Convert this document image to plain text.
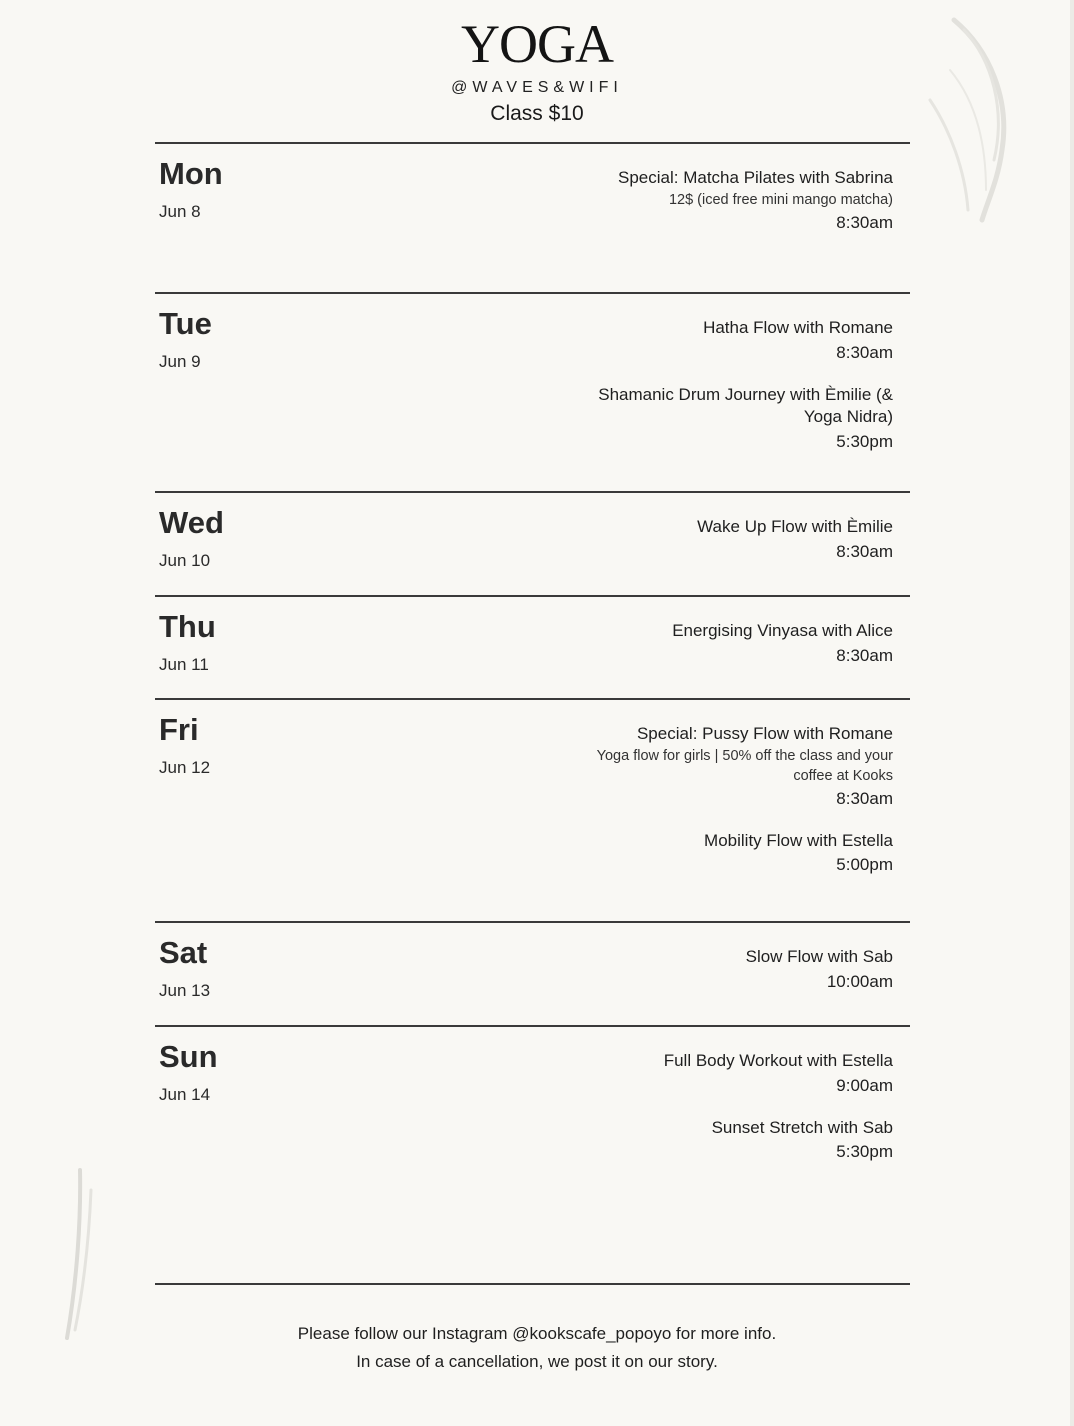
YOGA
@WAVES&WIFI
Class $10
Mon
Jun 8
Special: Matcha Pilates with Sabrina
12$ (iced free mini mango matcha)
8:30am
Tue
Jun 9
Hatha Flow with Romane
8:30am
Shamanic Drum Journey with Èmilie (& Yoga Nidra)
5:30pm
Wed
Jun 10
Wake Up Flow with Èmilie
8:30am
Thu
Jun 11
Energising Vinyasa with Alice
8:30am
Fri
Jun 12
Special: Pussy Flow with Romane
Yoga flow for girls | 50% off the class and your coffee at Kooks
8:30am
Mobility Flow with Estella
5:00pm
Sat
Jun 13
Slow Flow with Sab
10:00am
Sun
Jun 14
Full Body Workout with Estella
9:00am
Sunset Stretch with Sab
5:30pm
Please follow our Instagram @kookscafe_popoyo for more info.
In case of a cancellation, we post it on our story.
